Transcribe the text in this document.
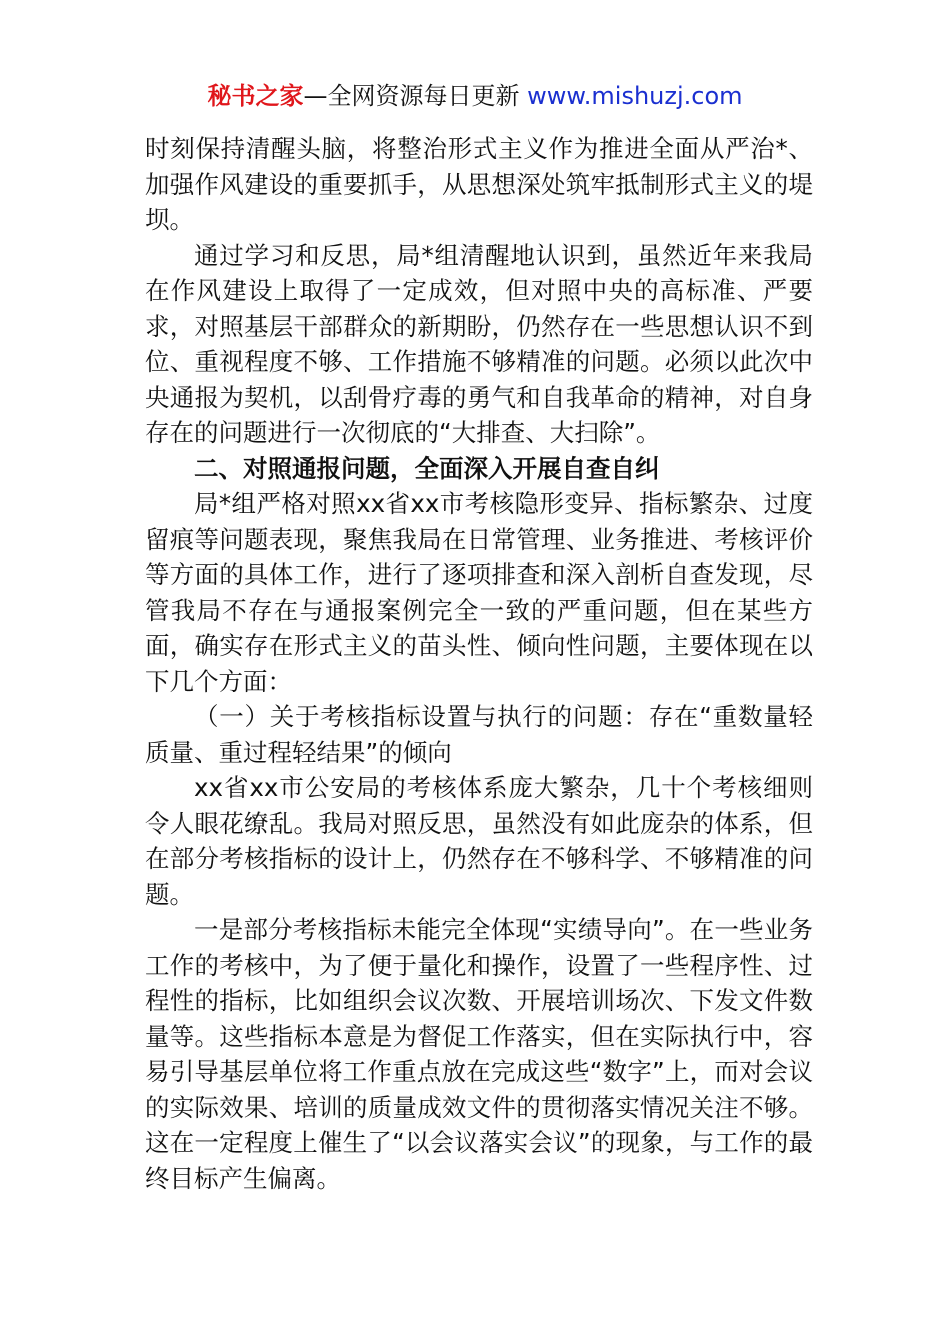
秘书之家—全网资源每日更新 www.mishuzj.com

时刻保持清醒头脑，将整治形式主义作为推进全面从严治*、加强作风建设的重要抓手，从思想深处筑牢抵制形式主义的堤坝。

通过学习和反思，局*组清醒地认识到，虽然近年来我局在作风建设上取得了一定成效，但对照中央的高标准、严要求，对照基层干部群众的新期盼，仍然存在一些思想认识不到位、重视程度不够、工作措施不够精准的问题。必须以此次中央通报为契机，以刮骨疗毒的勇气和自我革命的精神，对自身存在的问题进行一次彻底的“大排查、大扫除”。

二、对照通报问题，全面深入开展自查自纠

局*组严格对照xx省xx市考核隐形变异、指标繁杂、过度留痕等问题表现，聚焦我局在日常管理、业务推进、考核评价等方面的具体工作，进行了逐项排查和深入剖析自查发现，尽管我局不存在与通报案例完全一致的严重问题，但在某些方面，确实存在形式主义的苗头性、倾向性问题，主要体现在以下几个方面：

（一）关于考核指标设置与执行的问题：存在“重数量轻质量、重过程轻结果”的倾向

xx省xx市公安局的考核体系庞大繁杂，几十个考核细则令人眼花缭乱。我局对照反思，虽然没有如此庞杂的体系，但在部分考核指标的设计上，仍然存在不够科学、不够精准的问题。

一是部分考核指标未能完全体现“实绩导向”。在一些业务工作的考核中，为了便于量化和操作，设置了一些程序性、过程性的指标，比如组织会议次数、开展培训场次、下发文件数量等。这些指标本意是为督促工作落实，但在实际执行中，容易引导基层单位将工作重点放在完成这些“数字”上，而对会议的实际效果、培训的质量成效文件的贯彻落实情况关注不够。这在一定程度上催生了“以会议落实会议”的现象，与工作的最终目标产生偏离。
